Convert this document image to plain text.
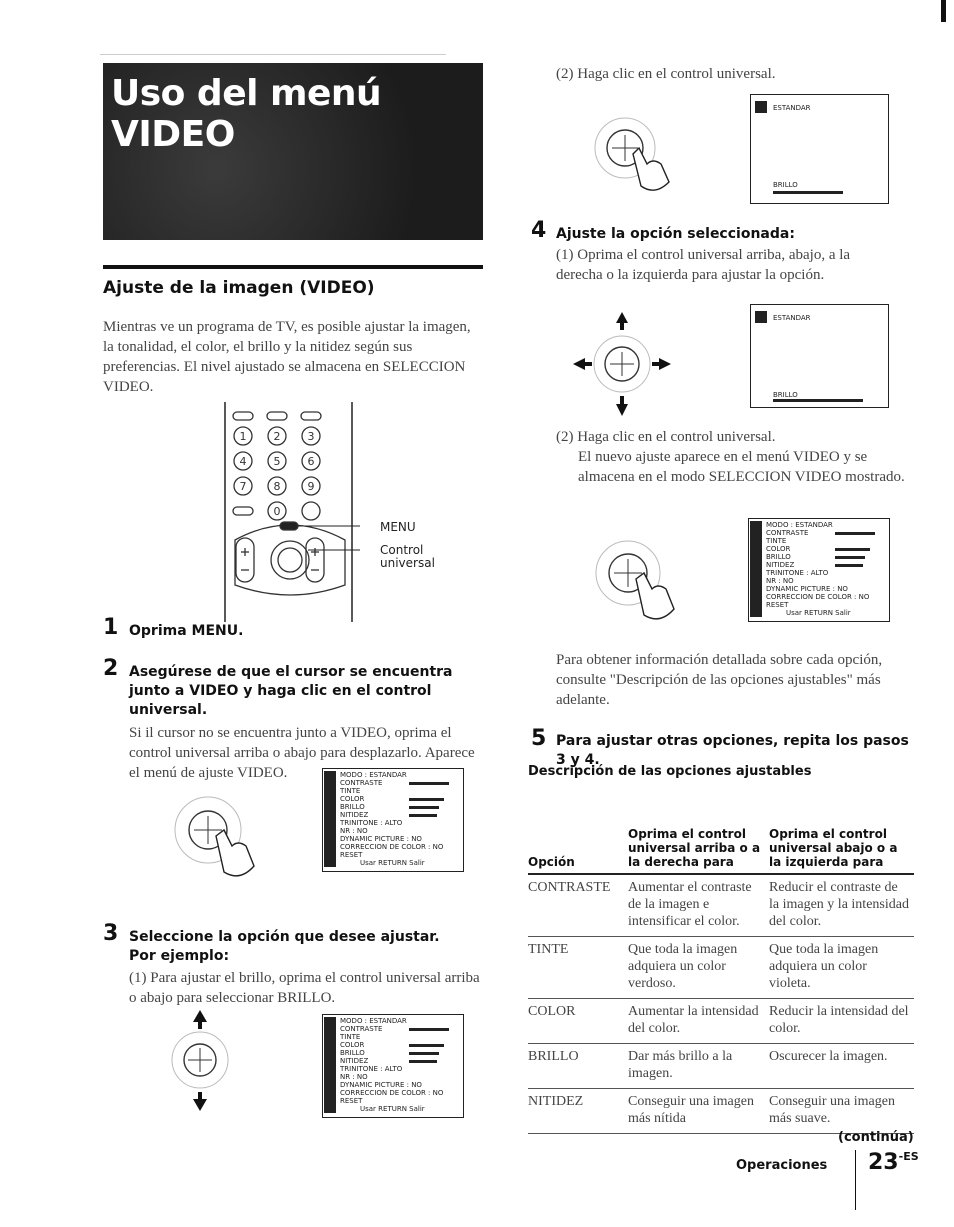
Uso del menú VIDEO
Ajuste de la imagen (VIDEO)
Mientras ve un programa de TV, es posible ajustar la imagen, la tonalidad, el color, el brillo y la nitidez según sus preferencias. El nivel ajustado se almacena en SELECCION VIDEO.
1 2 3
4 5 6
7 8 9
0
MENU
Control universal
1 Oprima MENU.
2 Asegúrese de que el cursor se encuentra junto a VIDEO y haga clic en el control universal.
Si il cursor no se encuentra junto a VIDEO, oprima el control universal arriba o abajo para desplazarlo. Aparece el menú de ajuste VIDEO.	MODO : ESTANDAR
CONTRASTE
TINTE
COLOR
BRILLO
NITIDEZ
TRINITONE : ALTO
NR : NO
DYNAMIC PICTURE : NO
CORRECCION DE COLOR : NO
RESET
Usar RETURN Salir
3 Seleccione la opción que desee ajustar. Por ejemplo:
(1) Para ajustar el brillo, oprima el control universal arriba o abajo para seleccionar BRILLO.
MODO : ESTANDAR
CONTRASTE
TINTE
COLOR
BRILLO
NITIDEZ
TRINITONE : ALTO
NR : NO
DYNAMIC PICTURE : NO
CORRECCION DE COLOR : NO
RESET
Usar RETURN Salir
(2) Haga clic en el control universal.
ESTANDAR
BRILLO
4 Ajuste la opción seleccionada:
(1) Oprima el control universal arriba, abajo, a la derecha o la izquierda para ajustar la opción.
ESTANDAR
BRILLO
(2) Haga clic en el control universal.
El nuevo ajuste aparece en el menú VIDEO y se almacena en el modo SELECCION VIDEO mostrado.
MODO : ESTANDAR
CONTRASTE
TINTE
COLOR
BRILLO
NITIDEZ
TRINITONE : ALTO
NR : NO
DYNAMIC PICTURE : NO
CORRECCION DE COLOR : NO
RESET
Usar RETURN Salir
Para obtener información detallada sobre cada opción, consulte "Descripción de las opciones ajustables" más adelante.
5 Para ajustar otras opciones, repita los pasos 3 y 4.
Descripción de las opciones ajustables
Opción	Oprima el control universal arriba o a la derecha para	Oprima el control universal abajo o a la izquierda para
CONTRASTE	Aumentar el contraste de la imagen e intensificar el color.	Reducir el contraste de la imagen y la intensidad del color.
TINTE	Que toda la imagen adquiera un color verdoso.	Que toda la imagen adquiera un color violeta.
COLOR	Aumentar la intensidad del color.	Reducir la intensidad del color.
BRILLO	Dar más brillo a la imagen.	Oscurecer la imagen.
NITIDEZ	Conseguir una imagen más nítida	Conseguir una imagen más suave.
(continúa)
Operaciones $23^{-ES}$
